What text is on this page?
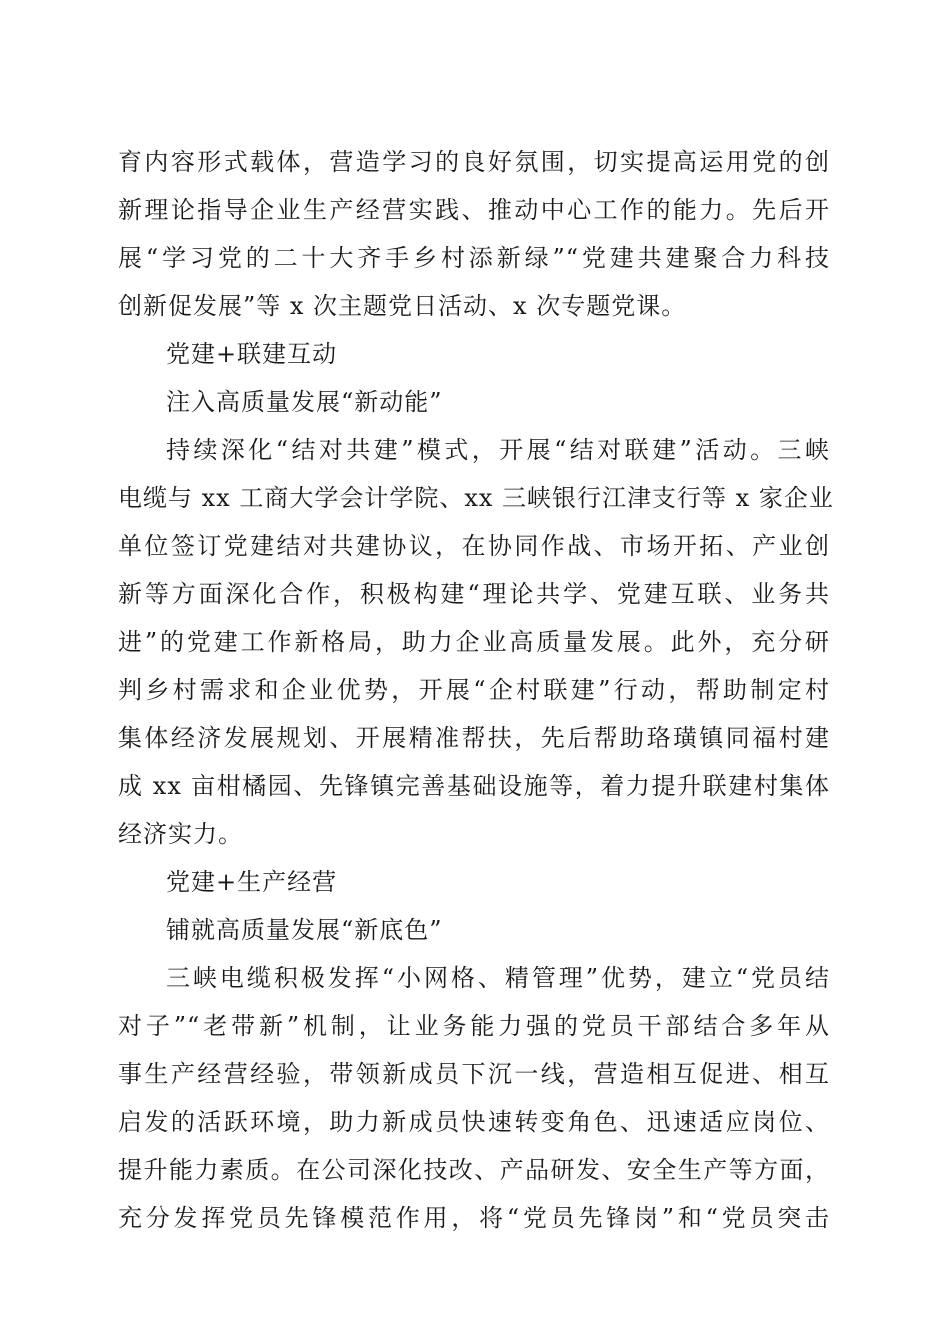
育内容形式载体，营造学习的良好氛围，切实提高运用党的创
新理论指导企业生产经营实践、推动中心工作的能力。先后开
展“学习党的二十大齐手乡村添新绿”“党建共建聚合力科技
创新促发展”等 x 次主题党日活动、x 次专题党课。
党建+联建互动
注入高质量发展“新动能”
持续深化“结对共建”模式，开展“结对联建”活动。三峡
电缆与 xx 工商大学会计学院、xx 三峡银行江津支行等 x 家企业
单位签订党建结对共建协议，在协同作战、市场开拓、产业创
新等方面深化合作，积极构建“理论共学、党建互联、业务共
进”的党建工作新格局，助力企业高质量发展。此外，充分研
判乡村需求和企业优势，开展“企村联建”行动，帮助制定村
集体经济发展规划、开展精准帮扶，先后帮助珞璜镇同福村建
成 xx 亩柑橘园、先锋镇完善基础设施等，着力提升联建村集体
经济实力。
党建+生产经营
铺就高质量发展“新底色”
三峡电缆积极发挥“小网格、精管理”优势，建立“党员结
对子”“老带新”机制，让业务能力强的党员干部结合多年从
事生产经营经验，带领新成员下沉一线，营造相互促进、相互
启发的活跃环境，助力新成员快速转变角色、迅速适应岗位、
提升能力素质。在公司深化技改、产品研发、安全生产等方面，
充分发挥党员先锋模范作用，将“党员先锋岗”和“党员突击
